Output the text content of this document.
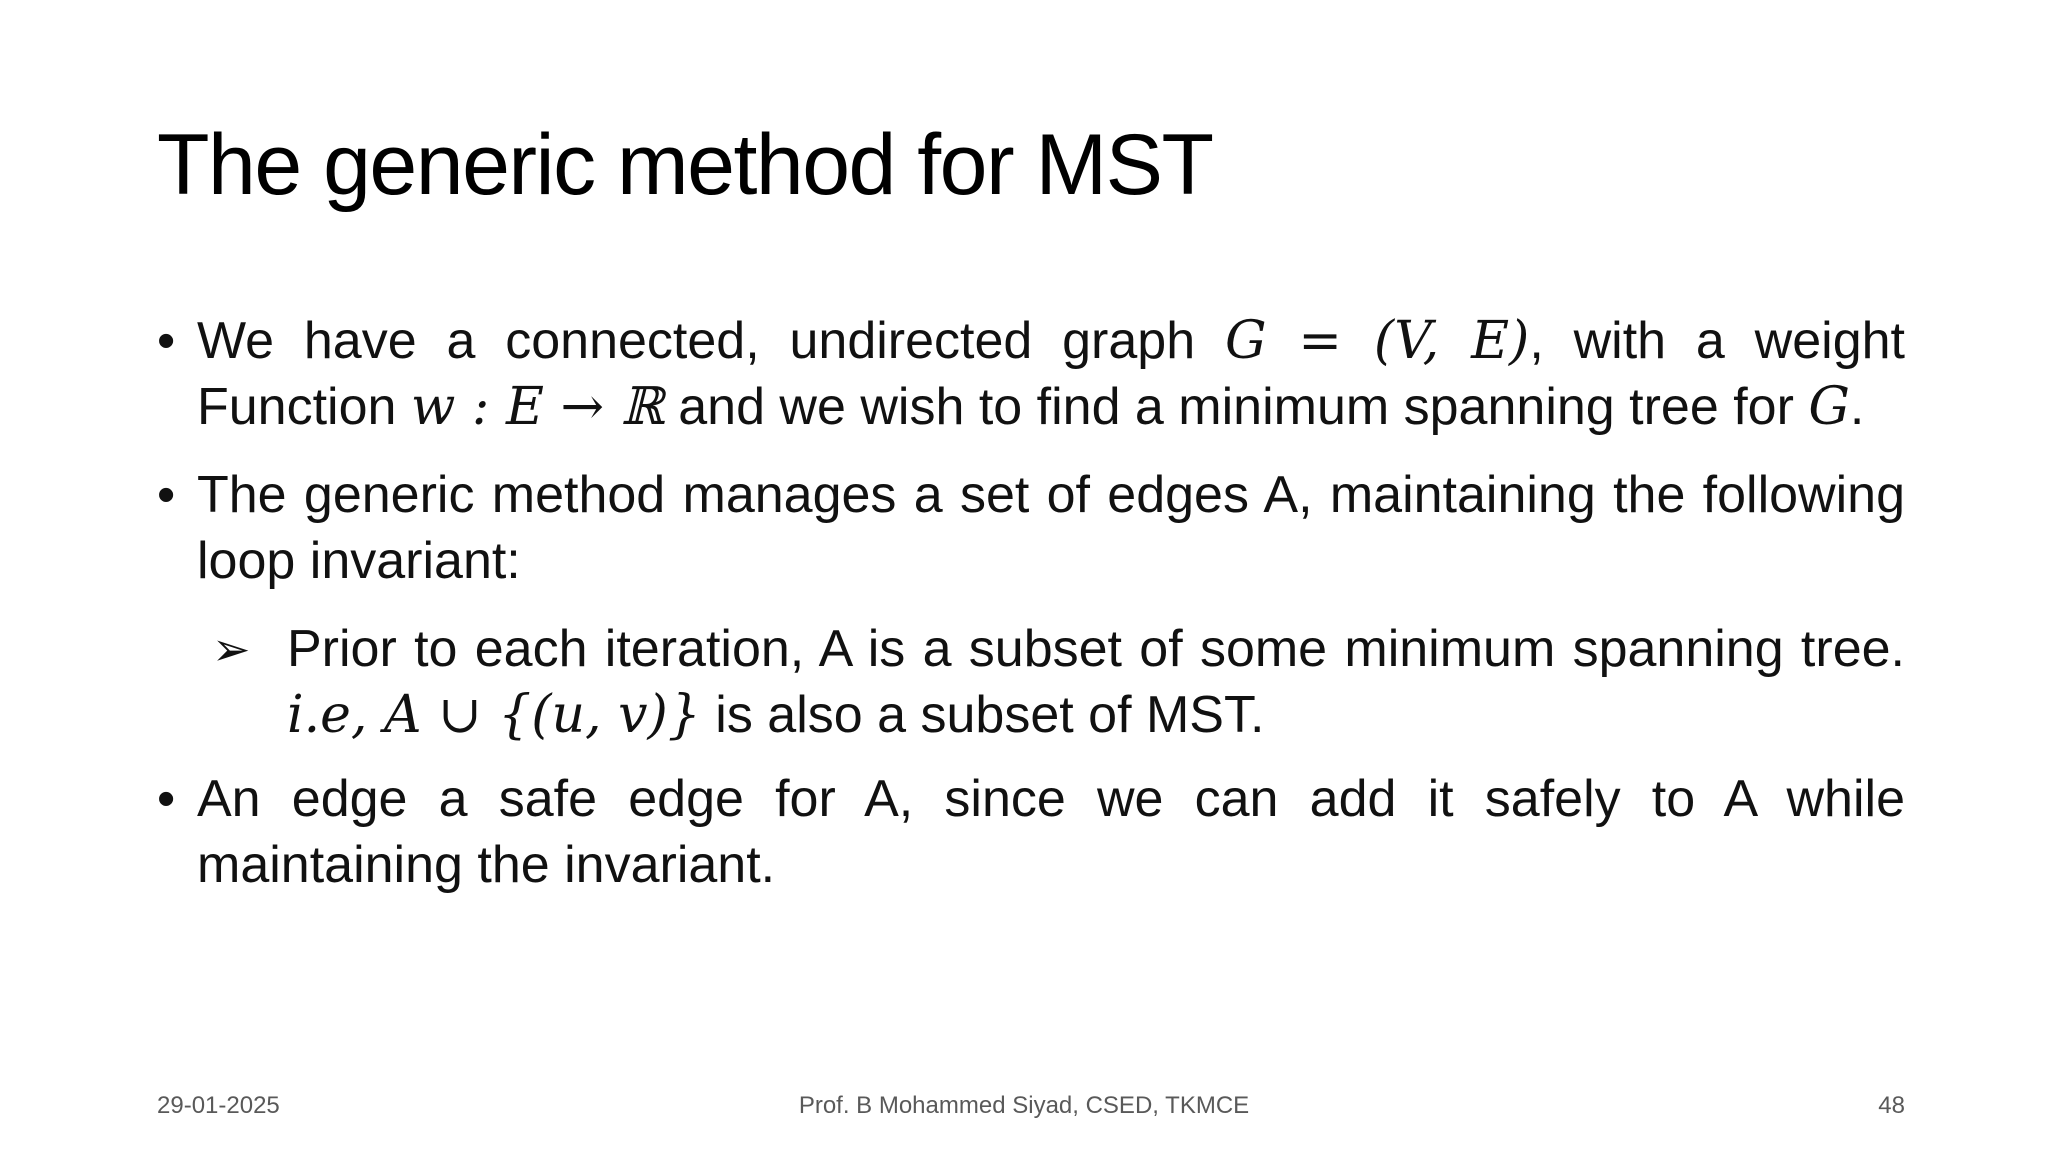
The generic method for MST
• We have a connected, undirected graph G = (V, E), with a weight Function w : E → ℝ and we wish to find a minimum spanning tree for G.
• The generic method manages a set of edges A, maintaining the following loop invariant:
➢ Prior to each iteration, A is a subset of some minimum spanning tree. i.e, A ∪ {(u, v)} is also a subset of MST.
• An edge a safe edge for A, since we can add it safely to A while maintaining the invariant.
29-01-2025	Prof. B Mohammed Siyad, CSED, TKMCE	48
